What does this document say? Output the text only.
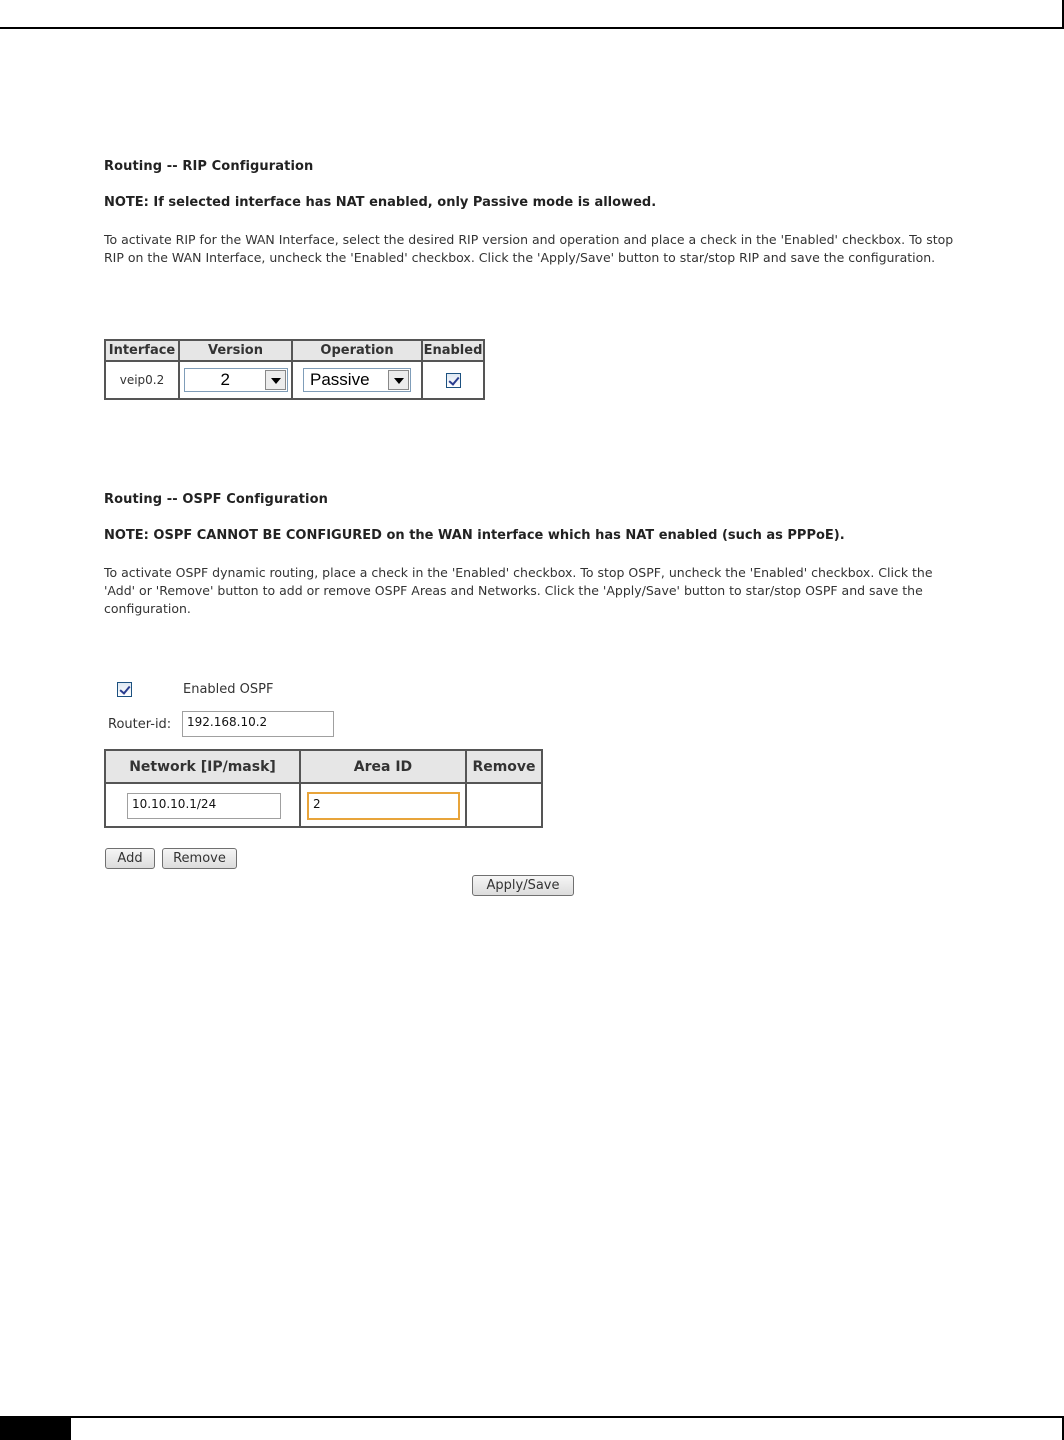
Routing -- RIP Configuration
NOTE: If selected interface has NAT enabled, only Passive mode is allowed.
To activate RIP for the WAN Interface, select the desired RIP version and operation and place a check in the 'Enabled' checkbox. To stop RIP on the WAN Interface, uncheck the 'Enabled' checkbox. Click the 'Apply/Save' button to star/stop RIP and save the configuration.
Interface	Version	Operation	Enabled
veip0.2	2	Passive	

Routing -- OSPF Configuration
NOTE: OSPF CANNOT BE CONFIGURED on the WAN interface which has NAT enabled (such as PPPoE).
To activate OSPF dynamic routing, place a check in the 'Enabled' checkbox. To stop OSPF, uncheck the 'Enabled' checkbox. Click the 'Add' or 'Remove' button to add or remove OSPF Areas and Networks. Click the 'Apply/Save' button to star/stop OSPF and save the configuration.
Enabled OSPF
Router-id:	192.168.10.2
Network [IP/mask]	Area ID	Remove

10.10.10.1/24	2	

Add	Remove
Apply/Save
